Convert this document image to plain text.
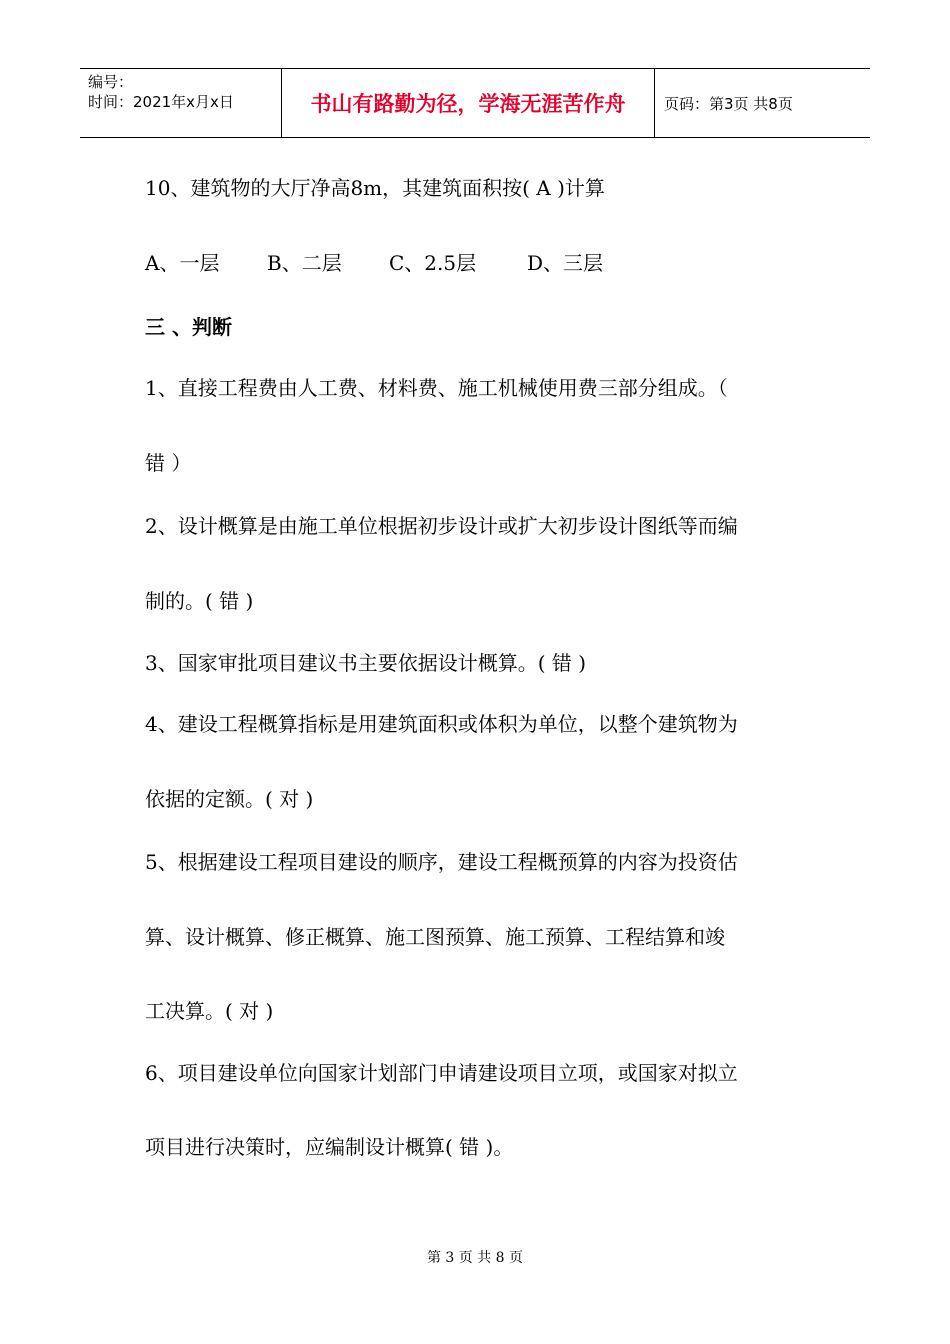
编号：
时间：2021年x月x日	书山有路勤为径，学海无涯苦作舟	页码：第3页 共8页
10、建筑物的大厅净高8m，其建筑面积按( A )计算
A、一层 B、二层 C、2.5层	D、三层
三 、判断
1、直接工程费由人工费、材料费、施工机械使用费三部分组成。（
错 ）
2、设计概算是由施工单位根据初步设计或扩大初步设计图纸等而编
制的。( 错 )
3、国家审批项目建议书主要依据设计概算。( 错 )
4、建设工程概算指标是用建筑面积或体积为单位，以整个建筑物为
依据的定额。( 对 )
5、根据建设工程项目建设的顺序，建设工程概预算的内容为投资估
算、设计概算、修正概算、施工图预算、施工预算、工程结算和竣
工决算。( 对 )
6、项目建设单位向国家计划部门申请建设项目立项，或国家对拟立
项目进行决策时，应编制设计概算( 错 )。
第 3 页 共 8 页
